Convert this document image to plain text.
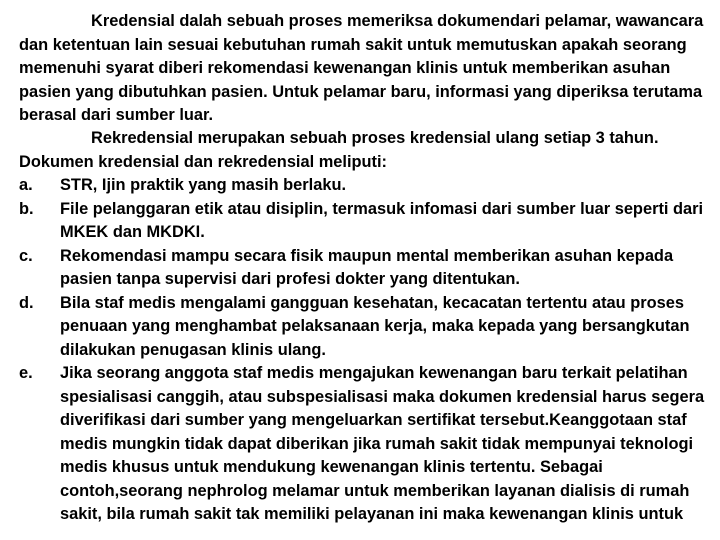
Kredensial dalah sebuah proses memeriksa dokumendari pelamar, wawancara dan ketentuan lain sesuai kebutuhan rumah sakit untuk memutuskan apakah seorang memenuhi syarat diberi rekomendasi kewenangan klinis untuk memberikan asuhan pasien yang dibutuhkan pasien. Untuk pelamar baru, informasi yang diperiksa terutama berasal dari sumber luar.

Rekredensial merupakan sebuah proses kredensial ulang setiap 3 tahun. Dokumen kredensial dan rekredensial meliputi:

a. STR, Ijin praktik yang masih berlaku.
b. File pelanggaran etik atau disiplin, termasuk infomasi dari sumber luar seperti dari MKEK dan MKDKI.
c. Rekomendasi mampu secara fisik maupun mental memberikan asuhan kepada pasien tanpa supervisi dari profesi dokter yang ditentukan.
d. Bila staf medis mengalami gangguan kesehatan, kecacatan tertentu atau proses penuaan yang menghambat pelaksanaan kerja, maka kepada yang bersangkutan dilakukan penugasan klinis ulang.
e. Jika seorang anggota staf medis mengajukan kewenangan baru terkait pelatihan spesialisasi canggih, atau subspesialisasi maka dokumen kredensial harus segera diverifikasi dari sumber yang mengeluarkan sertifikat tersebut.Keanggotaan staf medis mungkin tidak dapat diberikan jika rumah sakit tidak mempunyai teknologi medis khusus untuk mendukung kewenangan klinis tertentu. Sebagai contoh,seorang nephrolog melamar untuk memberikan layanan dialisis di rumah sakit, bila rumah sakit tak memiliki pelayanan ini maka kewenangan klinis untuk
